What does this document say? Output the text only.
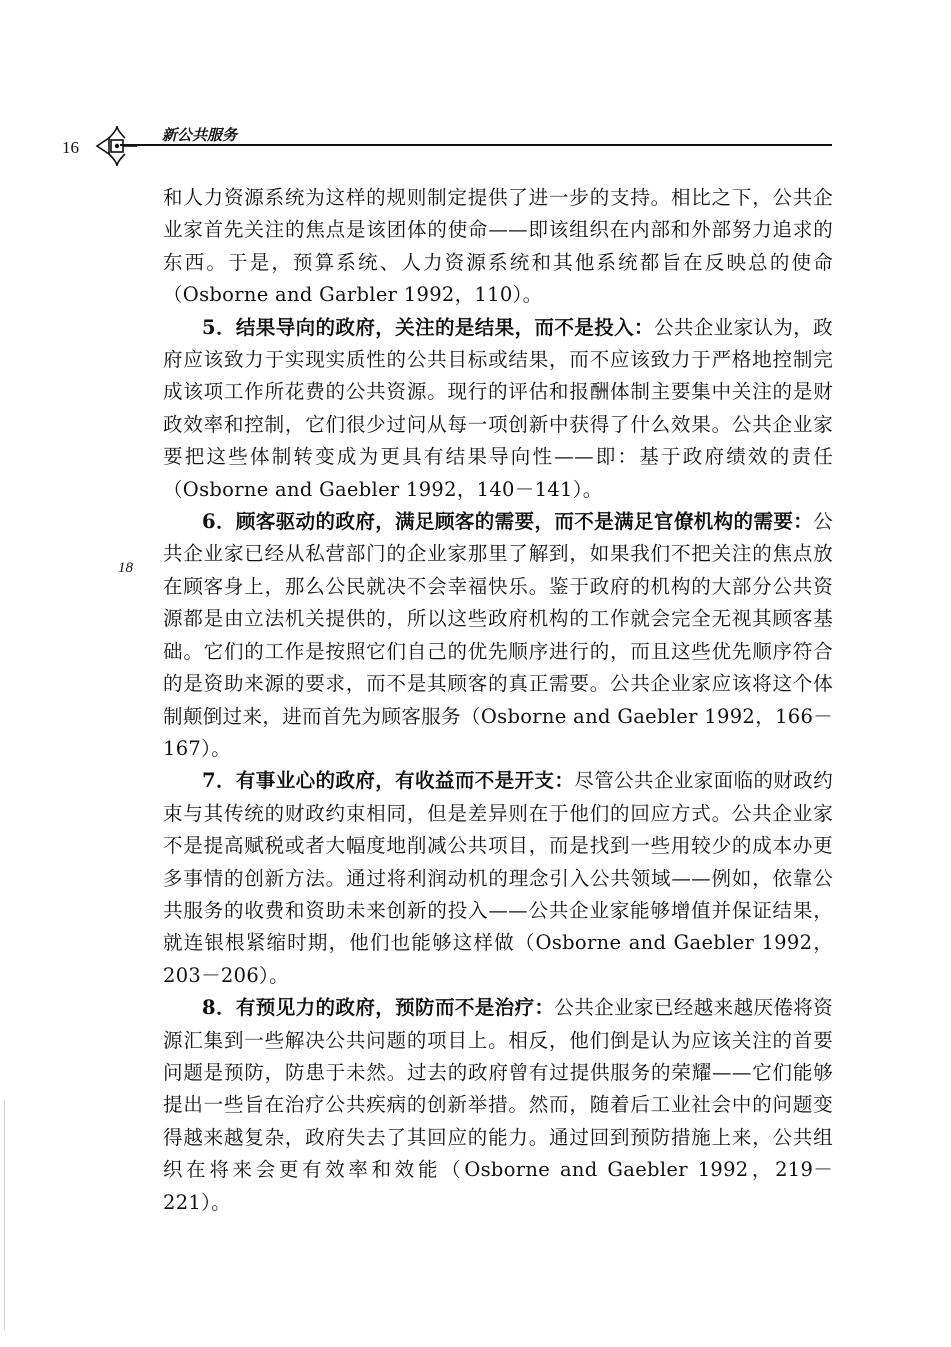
16
新公共服务
18

和人力资源系统为这样的规则制定提供了进一步的支持。相比之下，公共企业家首先关注的焦点是该团体的使命——即该组织在内部和外部努力追求的东西。于是，预算系统、人力资源系统和其他系统都旨在反映总的使命（Osborne and Garbler 1992，110）。

5．结果导向的政府，关注的是结果，而不是投入：公共企业家认为，政府应该致力于实现实质性的公共目标或结果，而不应该致力于严格地控制完成该项工作所花费的公共资源。现行的评估和报酬体制主要集中关注的是财政效率和控制，它们很少过问从每一项创新中获得了什么效果。公共企业家要把这些体制转变成为更具有结果导向性——即：基于政府绩效的责任（Osborne and Gaebler 1992，140－141）。

6．顾客驱动的政府，满足顾客的需要，而不是满足官僚机构的需要：公共企业家已经从私营部门的企业家那里了解到，如果我们不把关注的焦点放在顾客身上，那么公民就决不会幸福快乐。鉴于政府的机构的大部分公共资源都是由立法机关提供的，所以这些政府机构的工作就会完全无视其顾客基础。它们的工作是按照它们自己的优先顺序进行的，而且这些优先顺序符合的是资助来源的要求，而不是其顾客的真正需要。公共企业家应该将这个体制颠倒过来，进而首先为顾客服务（Osborne and Gaebler 1992，166－167）。

7．有事业心的政府，有收益而不是开支：尽管公共企业家面临的财政约束与其传统的财政约束相同，但是差异则在于他们的回应方式。公共企业家不是提高赋税或者大幅度地削减公共项目，而是找到一些用较少的成本办更多事情的创新方法。通过将利润动机的理念引入公共领域——例如，依靠公共服务的收费和资助未来创新的投入——公共企业家能够增值并保证结果，就连银根紧缩时期，他们也能够这样做（Osborne and Gaebler 1992，203－206）。

8．有预见力的政府，预防而不是治疗：公共企业家已经越来越厌倦将资源汇集到一些解决公共问题的项目上。相反，他们倒是认为应该关注的首要问题是预防，防患于未然。过去的政府曾有过提供服务的荣耀——它们能够提出一些旨在治疗公共疾病的创新举措。然而，随着后工业社会中的问题变得越来越复杂，政府失去了其回应的能力。通过回到预防措施上来，公共组织在将来会更有效率和效能（Osborne and Gaebler 1992，219－221）。
